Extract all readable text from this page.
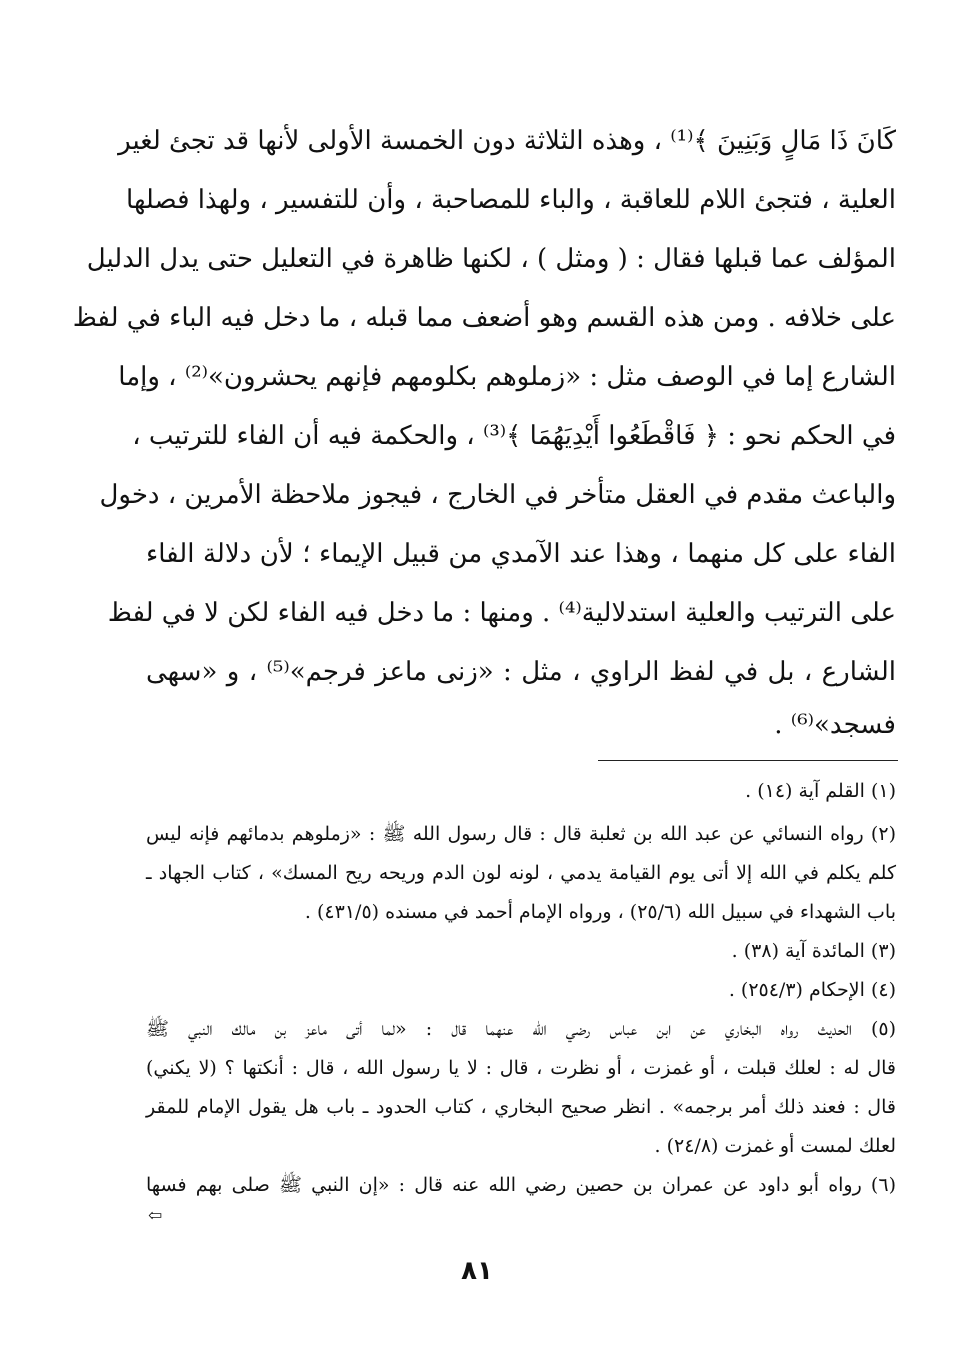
كَانَ ذَا مَالٍ وَبَنِينَ ﴾⁽¹⁾ ، وهذه الثلاثة دون الخمسة الأولى لأنها قد تجئ لغير
العلية ، فتجئ اللام للعاقبة ، والباء للمصاحبة ، وأن للتفسير ، ولهذا فصلها
المؤلف عما قبلها فقال : ( ومثل ) ، لكنها ظاهرة في التعليل حتى يدل الدليل
على خلافه . ومن هذه القسم وهو أضعف مما قبله ، ما دخل فيه الباء في لفظ
الشارع إما في الوصف مثل : «زملوهم بكلومهم فإنهم يحشرون»⁽²⁾ ، وإما
في الحكم نحو : ﴿ فَاقْطَعُوا أَيْدِيَهُمَا ﴾⁽³⁾ ، والحكمة فيه أن الفاء للترتيب ،
والباعث مقدم في العقل متأخر في الخارج ، فيجوز ملاحظة الأمرين ، دخول
الفاء على كل منهما ، وهذا عند الآمدي من قبيل الإيماء ؛ لأن دلالة الفاء
على الترتيب والعلية استدلالية⁽⁴⁾ . ومنها : ما دخل فيه الفاء لكن لا في لفظ
الشارع ، بل في لفظ الراوي ، مثل : «زنى ماعز فرجم»⁽⁵⁾ ، و «سهى
فسجد»⁽⁶⁾ .
(١) القلم آية (١٤) .
(٢) رواه النسائي عن عبد الله بن ثعلبة قال : قال رسول الله ﷺ : «زملوهم بدمائهم فإنه ليس
كلم يكلم في الله إلا أتى يوم القيامة يدمي ، لونه لون الدم وريحه ريح المسك» ، كتاب الجهاد ـ
باب الشهداء في سبيل الله (٢٥/٦) ، ورواه الإمام أحمد في مسنده (٤٣١/٥) .
(٣) المائدة آية (٣٨) .
(٤) الإحكام (٢٥٤/٣) .
(٥) الحديث رواه البخاري عن ابن عباس رضي الله عنهما قال : «لما أتى ماعز بن مالك النبي ﷺ
قال له : لعلك قبلت ، أو غمزت ، أو نظرت ، قال : لا يا رسول الله ، قال : أنكتها ؟ (لا يكني)
قال : فعند ذلك أمر برجمه» . انظر صحيح البخاري ، كتاب الحدود ـ باب هل يقول الإمام للمقر
لعلك لمست أو غمزت (٢٤/٨) .
(٦) رواه أبو داود عن عمران بن حصين رضي الله عنه قال : «إن النبي ﷺ صلى بهم فسها
⇦
٨١
